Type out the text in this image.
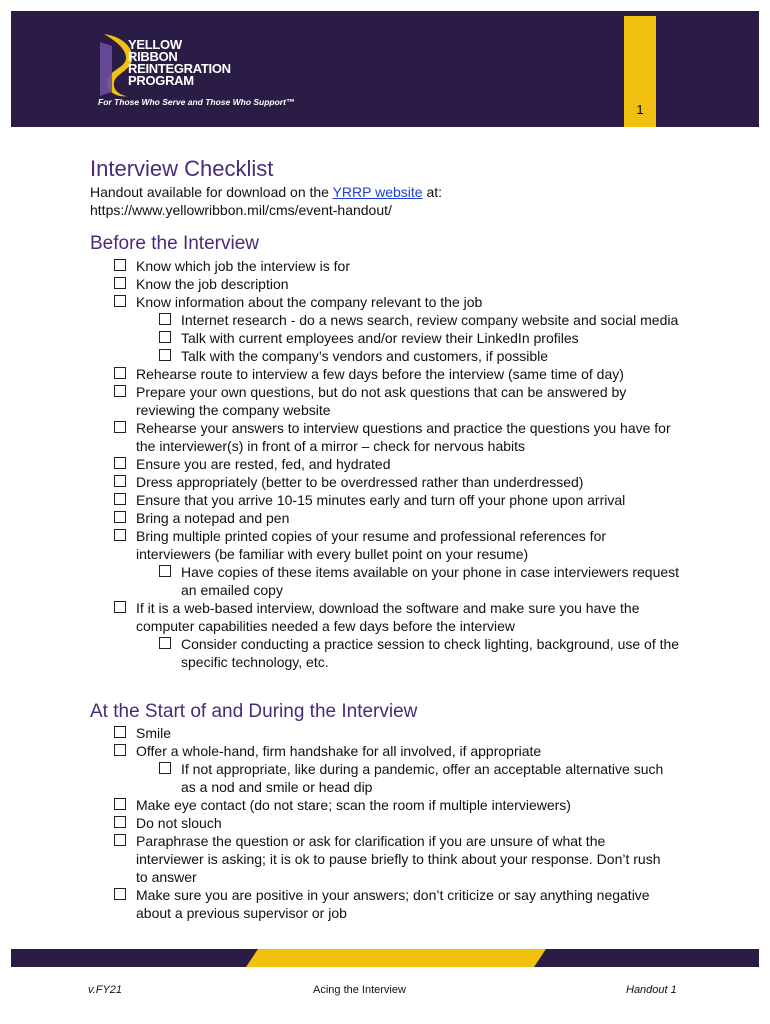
YELLOW
RIBBON
REINTEGRATION
PROGRAM
For Those Who Serve and Those Who Support™	1
Interview Checklist
Handout available for download on the YRRP website at:
https://www.yellowribbon.mil/cms/event-handout/
Before the Interview
Know which job the interview is for
Know the job description
Know information about the company relevant to the job
Internet research - do a news search, review company website and social media
Talk with current employees and/or review their LinkedIn profiles
Talk with the company’s vendors and customers, if possible
Rehearse route to interview a few days before the interview (same time of day)
Prepare your own questions, but do not ask questions that can be answered by reviewing the company website
Rehearse your answers to interview questions and practice the questions you have for the interviewer(s) in front of a mirror – check for nervous habits
Ensure you are rested, fed, and hydrated
Dress appropriately (better to be overdressed rather than underdressed)
Ensure that you arrive 10-15 minutes early and turn off your phone upon arrival
Bring a notepad and pen
Bring multiple printed copies of your resume and professional references for interviewers (be familiar with every bullet point on your resume)
Have copies of these items available on your phone in case interviewers request an emailed copy
If it is a web-based interview, download the software and make sure you have the computer capabilities needed a few days before the interview
Consider conducting a practice session to check lighting, background, use of the specific technology, etc.
At the Start of and During the Interview
Smile
Offer a whole-hand, firm handshake for all involved, if appropriate
If not appropriate, like during a pandemic, offer an acceptable alternative such as a nod and smile or head dip
Make eye contact (do not stare; scan the room if multiple interviewers)
Do not slouch
Paraphrase the question or ask for clarification if you are unsure of what the interviewer is asking; it is ok to pause briefly to think about your response. Don’t rush to answer
Make sure you are positive in your answers; don’t criticize or say anything negative about a previous supervisor or job
v.FY21	Acing the Interview	Handout 1
